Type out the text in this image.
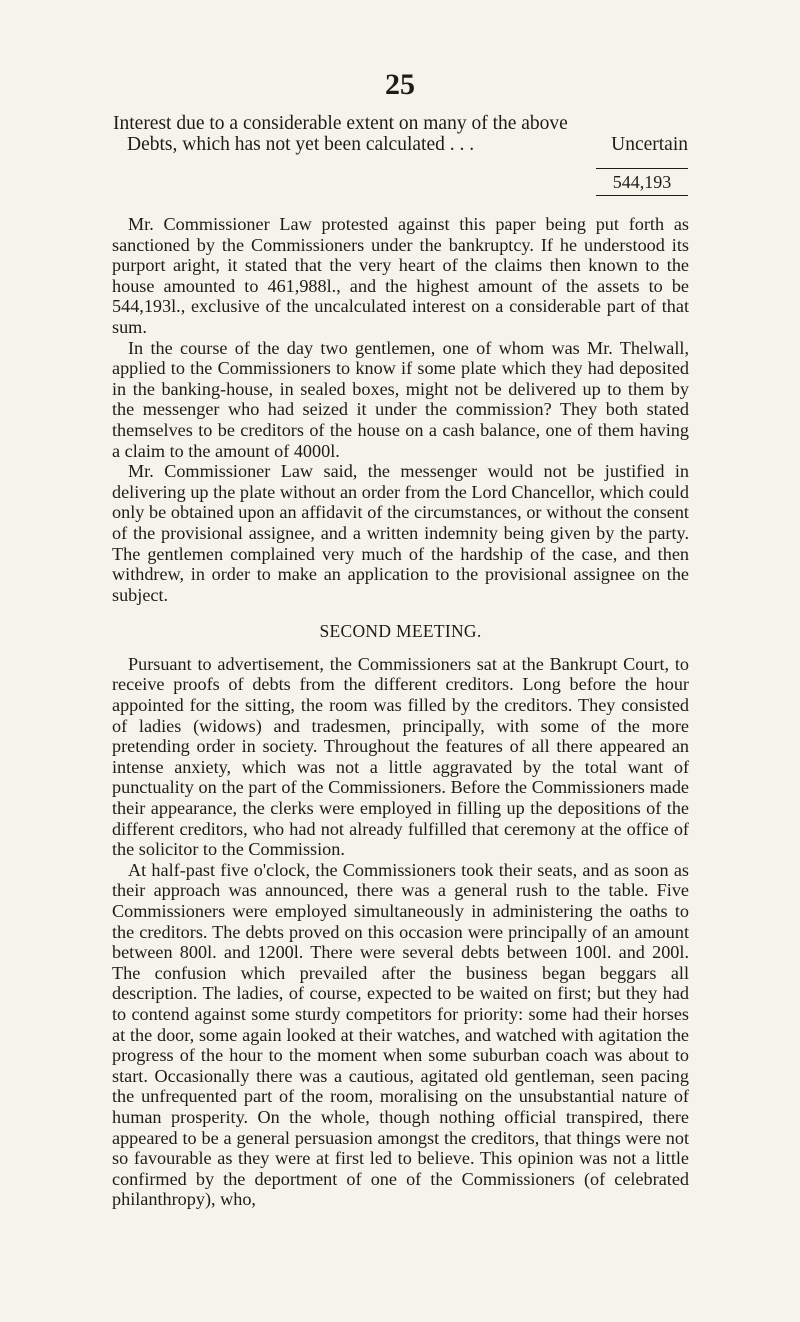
25
Interest due to a considerable extent on many of the above
Debts, which has not yet been calculated . . .	Uncertain
544,193

Mr. Commissioner Law protested against this paper being put forth as sanctioned by the Commissioners under the bankruptcy. If he understood its purport aright, it stated that the very heart of the claims then known to the house amounted to 461,988l., and the highest amount of the assets to be 544,193l., exclusive of the uncalculated interest on a considerable part of that sum.

In the course of the day two gentlemen, one of whom was Mr. Thelwall, applied to the Commissioners to know if some plate which they had deposited in the banking-house, in sealed boxes, might not be delivered up to them by the messenger who had seized it under the commission? They both stated themselves to be creditors of the house on a cash balance, one of them having a claim to the amount of 4000l.

Mr. Commissioner Law said, the messenger would not be justified in delivering up the plate without an order from the Lord Chancellor, which could only be obtained upon an affidavit of the circumstances, or without the consent of the provisional assignee, and a written indemnity being given by the party. The gentlemen complained very much of the hardship of the case, and then withdrew, in order to make an application to the provisional assignee on the subject.

SECOND MEETING.

Pursuant to advertisement, the Commissioners sat at the Bankrupt Court, to receive proofs of debts from the different creditors. Long before the hour appointed for the sitting, the room was filled by the creditors. They consisted of ladies (widows) and tradesmen, principally, with some of the more pretending order in society. Throughout the features of all there appeared an intense anxiety, which was not a little aggravated by the total want of punctuality on the part of the Commissioners. Before the Commissioners made their appearance, the clerks were employed in filling up the depositions of the different creditors, who had not already fulfilled that ceremony at the office of the solicitor to the Commission.

At half-past five o'clock, the Commissioners took their seats, and as soon as their approach was announced, there was a general rush to the table. Five Commissioners were employed simultaneously in administering the oaths to the creditors. The debts proved on this occasion were principally of an amount between 800l. and 1200l. There were several debts between 100l. and 200l. The confusion which prevailed after the business began beggars all description. The ladies, of course, expected to be waited on first; but they had to contend against some sturdy competitors for priority: some had their horses at the door, some again looked at their watches, and watched with agitation the progress of the hour to the moment when some suburban coach was about to start. Occasionally there was a cautious, agitated old gentleman, seen pacing the unfrequented part of the room, moralising on the unsubstantial nature of human prosperity. On the whole, though nothing official transpired, there appeared to be a general persuasion amongst the creditors, that things were not so favourable as they were at first led to believe. This opinion was not a little confirmed by the deportment of one of the Commissioners (of celebrated philanthropy), who,
